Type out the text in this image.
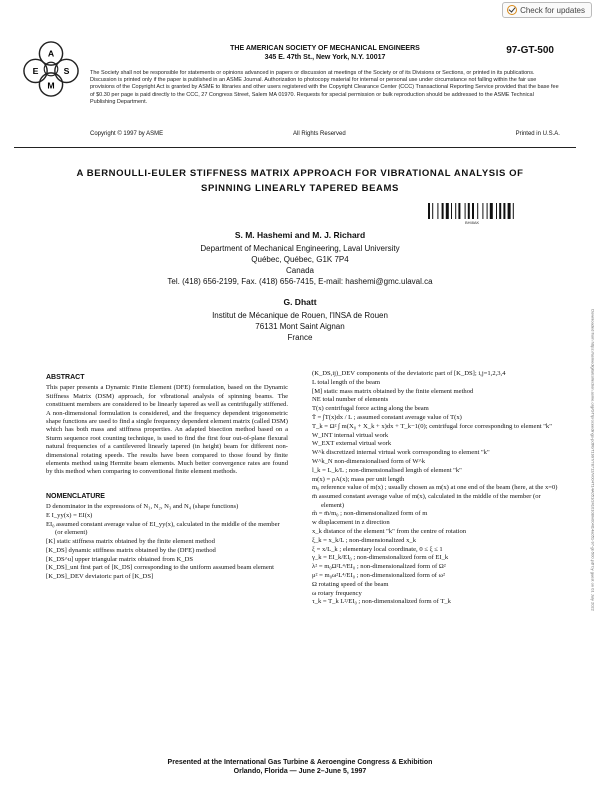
Check for updates
A
E	S
M
THE AMERICAN SOCIETY OF MECHANICAL ENGINEERS
345 E. 47th St., New York, N.Y. 10017
97-GT-500
The Society shall not be responsible for statements or opinions advanced in papers or discussion at meetings of the Society or of its Divisions or Sections, or printed in its publications. Discussion is printed only if the paper is published in an ASME Journal. Authorization to photocopy material for internal or personal use under circumstance not falling within the fair use provisions of the Copyright Act is granted by ASME to libraries and other users registered with the Copyright Clearance Center (CCC) Transactional Reporting Service provided that the base fee of $0.30 per page is paid directly to the CCC, 27 Congress Street, Salem MA 01970. Requests for special permission or bulk reproduction should be addressed to the ASME Technical Publishing Department.
Copyright © 1997 by ASME	All Rights Reserved	Printed in U.S.A.
Downloaded from https://asmedigitalcollection.asme.org/GT/proceedings-pdf/GT1997/78712/V004T14A051/2410108/v004t14a051-97-gt-500.pdf by guest on 01 July 2022
A BERNOULLI-EULER STIFFNESS MATRIX APPROACH FOR VIBRATIONAL ANALYSIS OF
SPINNING LINEARLY TAPERED BEAMS
BHI8AK
S. M. Hashemi and M. J. Richard
Department of Mechanical Engineering, Laval University
Québec, Québec, G1K 7P4
Canada
Tel. (418) 656-2199, Fax. (418) 656-7415, E-mail: hashemi@gmc.ulaval.ca
G. Dhatt
Institut de Mécanique de Rouen, l'INSA de Rouen
76131 Mont Saint Aignan
France
ABSTRACT

This paper presents a Dynamic Finite Element (DFE) formulation, based on the Dynamic Stiffness Matrix (DSM) approach, for vibrational analysis of spinning beams. The constituent members are considered to be linearly tapered as well as centrifugally stiffened. A non-dimensional formulation is considered, and the frequency dependent trigonometric shape functions are used to find a single frequency dependent element matrix (called DSM) which has both mass and stiffness properties. An adapted bisection method based on a Sturm sequence root counting technique, is used to find the first four out-of-plane flexural natural frequencies of a cantilevered linearly tapered (in height) beam for different non-dimensional rotating speeds. The results have been compared to those found by finite elements method using Hermite beam elements. Much better convergence rates are found by this method when comparing to conventional finite element methods.

NOMENCLATURE
D denominator in the expressions of N₁, N₂, N₃ and N₄ (shape functions)
E I_yy(x) = EI(x)
EI₀ assumed constant average value of EI_yy(x), calculated in the middle of the member (or element)
[K] static stiffness matrix obtained by the finite element method
[K_DS] dynamic stiffness matrix obtained by the (DFE) method
[K_DS^u] upper triangular matrix obtained from K_DS
[K_DS]_uni first part of [K_DS] corresponding to the uniform assumed beam element
[K_DS]_DEV deviatoric part of [K_DS]
(K_DS,ij)_DEV components of the deviatoric part of [K_DS]; i,j=1,2,3,4
L total length of the beam
[M] static mass matrix obtained by the finite element method
NE total number of elements
T(x) centrifugal force acting along the beam
T̄ = ∫T(x)dx / L ; assumed constant average value of T(x)
T_k = Ω² ∫ m(X₀ + X_k + x)dx + T_k−1(0); centrifugal force corresponding to element "k"
W_INT internal virtual work
W_EXT external virtual work
W^k discretized internal virtual work corresponding to element "k"
W^k_N non-dimensionalised form of W^k
l_k = L_k/L ; non-dimensionalised length of element "k"
m(x) = ρA(x); mass per unit length
m₀ reference value of m(x) ; usually chosen as m(x) at one end of the beam (here, at the x=0)
m̄ assumed constant average value of m(x), calculated in the middle of the member (or element)
m̃ = m̄/m₀ ; non-dimensionalized form of m
w displacement in z direction
x_k distance of the element "k" from the centre of rotation
ξ_k = x_k/L ; non-dimensionalized x_k
ξ = x/L_k ; elementary local coordinate, 0 ≤ ξ ≤ 1
γ_k = EI_k/EI₀ ; non-dimensionalized form of EI_k
λ² = m₀Ω²L⁴/EI₀ ; non-dimensionalized form of Ω²
μ² = m₀ω²L⁴/EI₀ ; non-dimensionalized form of ω²
Ω rotating speed of the beam
ω rotary frequency
τ_k = T_k L²/EI₀ ; non-dimensionalized form of T_k
Presented at the International Gas Turbine & Aeroengine Congress & Exhibition
Orlando, Florida — June 2–June 5, 1997
